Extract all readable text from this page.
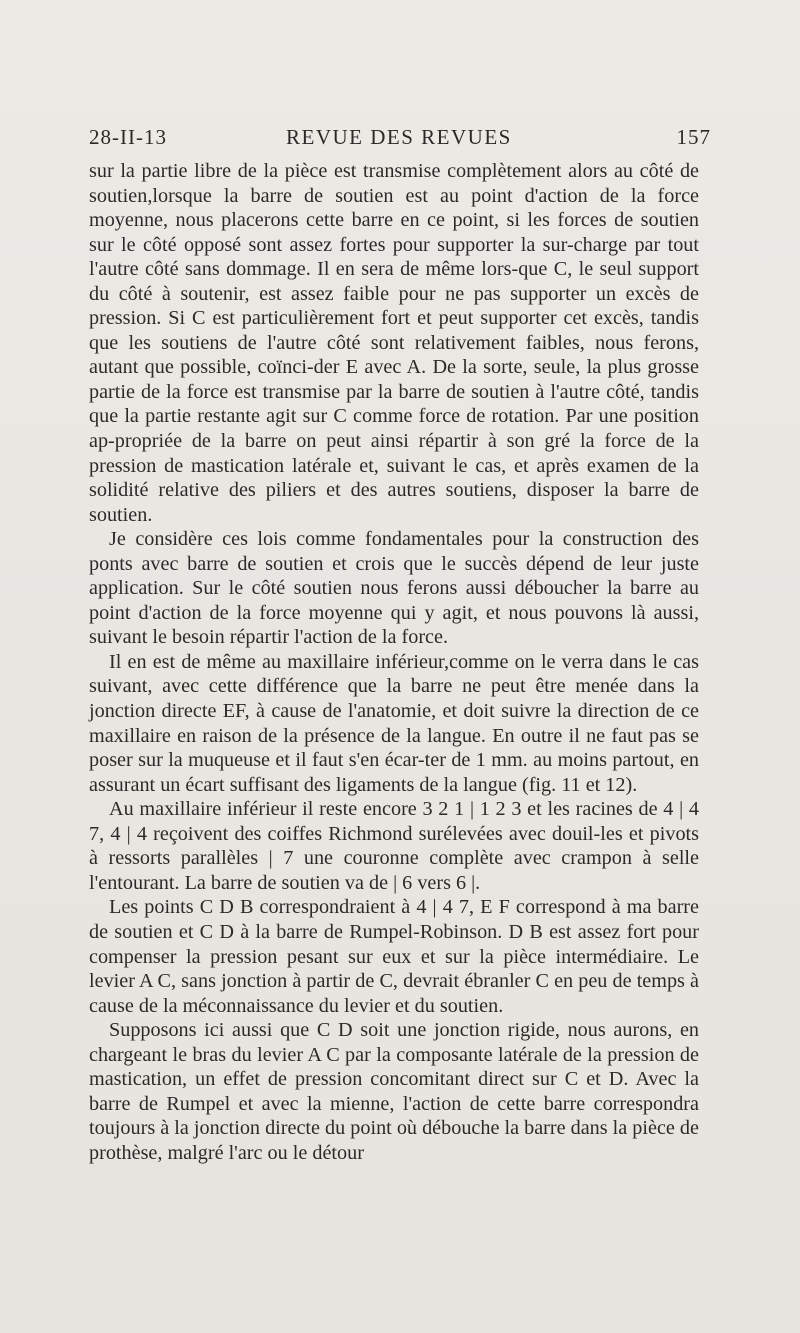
28-II-13	REVUE DES REVUES	157

sur la partie libre de la pièce est transmise complètement alors au côté de soutien,lorsque la barre de soutien est au point d'action de la force moyenne, nous placerons cette barre en ce point, si les forces de soutien sur le côté opposé sont assez fortes pour supporter la sur-charge par tout l'autre côté sans dommage. Il en sera de même lors-que C, le seul support du côté à soutenir, est assez faible pour ne pas supporter un excès de pression. Si C est particulièrement fort et peut supporter cet excès, tandis que les soutiens de l'autre côté sont relativement faibles, nous ferons, autant que possible, coïnci-der E avec A. De la sorte, seule, la plus grosse partie de la force est transmise par la barre de soutien à l'autre côté, tandis que la partie restante agit sur C comme force de rotation. Par une position ap-propriée de la barre on peut ainsi répartir à son gré la force de la pression de mastication latérale et, suivant le cas, et après examen de la solidité relative des piliers et des autres soutiens, disposer la barre de soutien.

Je considère ces lois comme fondamentales pour la construction des ponts avec barre de soutien et crois que le succès dépend de leur juste application. Sur le côté soutien nous ferons aussi déboucher la barre au point d'action de la force moyenne qui y agit, et nous pouvons là aussi, suivant le besoin répartir l'action de la force.

Il en est de même au maxillaire inférieur,comme on le verra dans le cas suivant, avec cette différence que la barre ne peut être menée dans la jonction directe EF, à cause de l'anatomie, et doit suivre la direction de ce maxillaire en raison de la présence de la langue. En outre il ne faut pas se poser sur la muqueuse et il faut s'en écar-ter de 1 mm. au moins partout, en assurant un écart suffisant des ligaments de la langue (fig. 11 et 12).

Au maxillaire inférieur il reste encore 3 2 1 | 1 2 3 et les racines de 4 | 4 7, 4 | 4 reçoivent des coiffes Richmond surélevées avec douil-les et pivots à ressorts parallèles | 7 une couronne complète avec crampon à selle l'entourant. La barre de soutien va de | 6 vers 6 |.

Les points C D B correspondraient à 4 | 4 7, E F correspond à ma barre de soutien et C D à la barre de Rumpel-Robinson. D B est assez fort pour compenser la pression pesant sur eux et sur la pièce intermédiaire. Le levier A C, sans jonction à partir de C, devrait ébranler C en peu de temps à cause de la méconnaissance du levier et du soutien.

Supposons ici aussi que C D soit une jonction rigide, nous aurons, en chargeant le bras du levier A C par la composante latérale de la pression de mastication, un effet de pression concomitant direct sur C et D. Avec la barre de Rumpel et avec la mienne, l'action de cette barre correspondra toujours à la jonction directe du point où débouche la barre dans la pièce de prothèse, malgré l'arc ou le détour
